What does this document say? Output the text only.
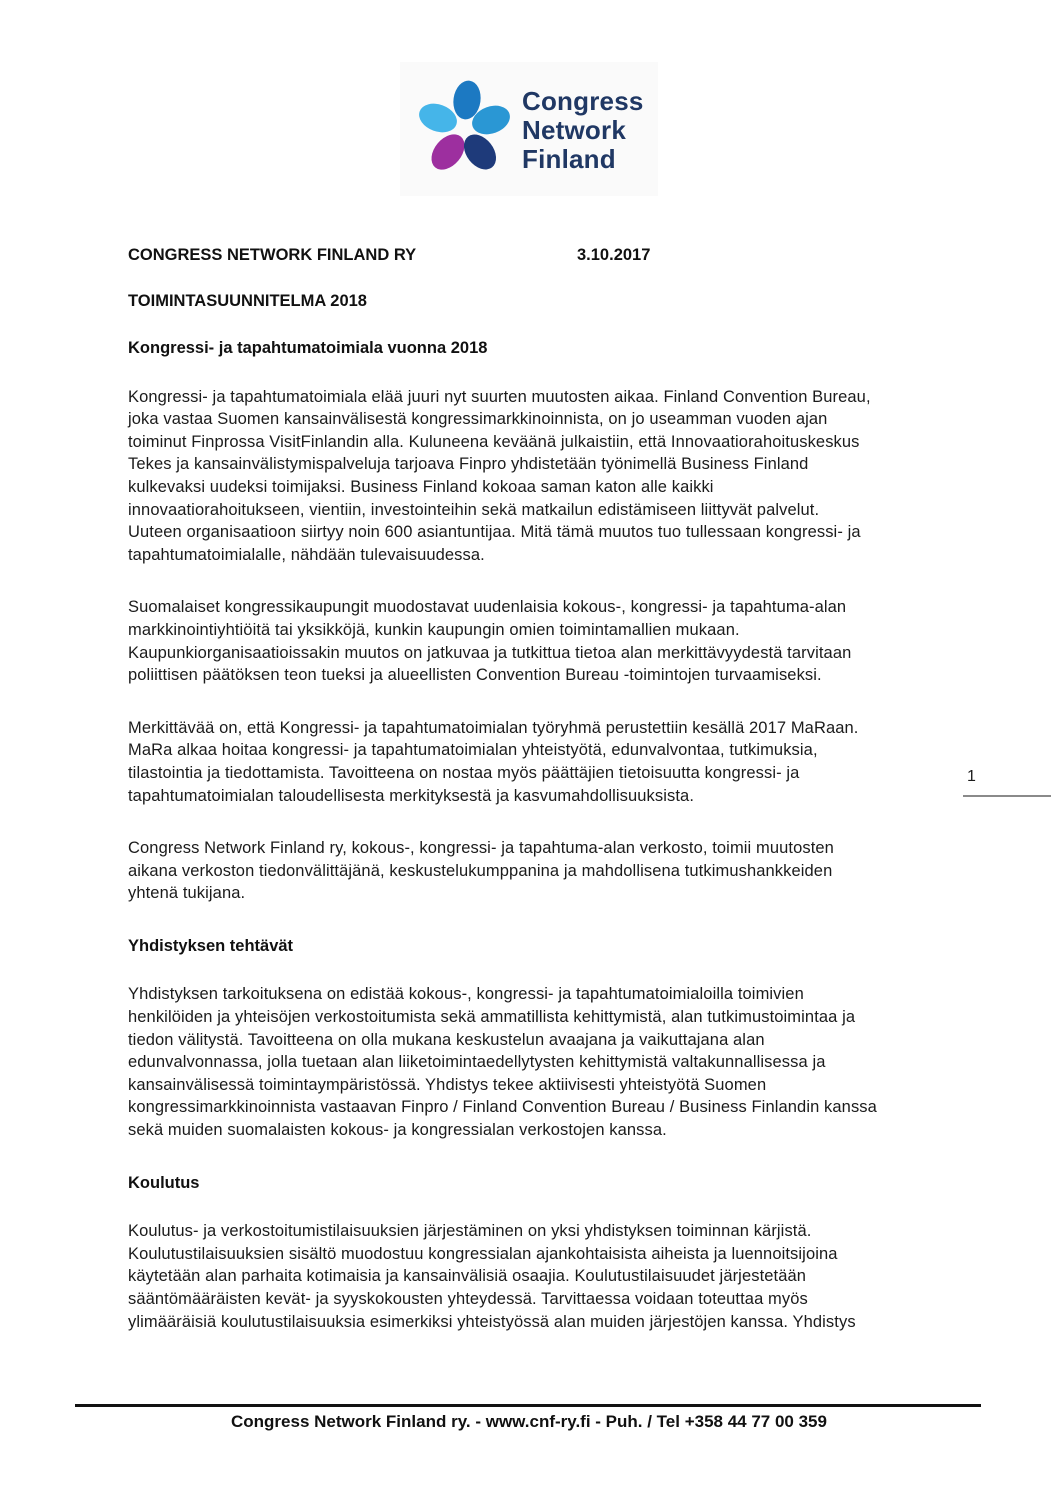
Congress
Network
Finland
CONGRESS NETWORK FINLAND RY	3.10.2017
TOIMINTASUUNNITELMA 2018
Kongressi- ja tapahtumatoimiala vuonna 2018

Kongressi- ja tapahtumatoimiala elää juuri nyt suurten muutosten aikaa. Finland Convention Bureau,
joka vastaa Suomen kansainvälisestä kongressimarkkinoinnista, on jo useamman vuoden ajan
toiminut Finprossa VisitFinlandin alla. Kuluneena keväänä julkaistiin, että Innovaatiorahoituskeskus
Tekes ja kansainvälistymispalveluja tarjoava Finpro yhdistetään työnimellä Business Finland
kulkevaksi uudeksi toimijaksi. Business Finland kokoaa saman katon alle kaikki
innovaatiorahoitukseen, vientiin, investointeihin sekä matkailun edistämiseen liittyvät palvelut.
Uuteen organisaatioon siirtyy noin 600 asiantuntijaa. Mitä tämä muutos tuo tullessaan kongressi- ja
tapahtumatoimialalle, nähdään tulevaisuudessa.

Suomalaiset kongressikaupungit muodostavat uudenlaisia kokous-, kongressi- ja tapahtuma-alan
markkinointiyhtiöitä tai yksikköjä, kunkin kaupungin omien toimintamallien mukaan.
Kaupunkiorganisaatioissakin muutos on jatkuvaa ja tutkittua tietoa alan merkittävyydestä tarvitaan
poliittisen päätöksen teon tueksi ja alueellisten Convention Bureau -toimintojen turvaamiseksi.

Merkittävää on, että Kongressi- ja tapahtumatoimialan työryhmä perustettiin kesällä 2017 MaRaan.
MaRa alkaa hoitaa kongressi- ja tapahtumatoimialan yhteistyötä, edunvalvontaa, tutkimuksia,
tilastointia ja tiedottamista. Tavoitteena on nostaa myös päättäjien tietoisuutta kongressi- ja
tapahtumatoimialan taloudellisesta merkityksestä ja kasvumahdollisuuksista.

Congress Network Finland ry, kokous-, kongressi- ja tapahtuma-alan verkosto, toimii muutosten
aikana verkoston tiedonvälittäjänä, keskustelukumppanina ja mahdollisena tutkimushankkeiden
yhtenä tukijana.

Yhdistyksen tehtävät

Yhdistyksen tarkoituksena on edistää kokous-, kongressi- ja tapahtumatoimialoilla toimivien
henkilöiden ja yhteisöjen verkostoitumista sekä ammatillista kehittymistä, alan tutkimustoimintaa ja
tiedon välitystä. Tavoitteena on olla mukana keskustelun avaajana ja vaikuttajana alan
edunvalvonnassa, jolla tuetaan alan liiketoimintaedellytysten kehittymistä valtakunnallisessa ja
kansainvälisessä toimintaympäristössä. Yhdistys tekee aktiivisesti yhteistyötä Suomen
kongressimarkkinoinnista vastaavan Finpro / Finland Convention Bureau / Business Finlandin kanssa
sekä muiden suomalaisten kokous- ja kongressialan verkostojen kanssa.

Koulutus

Koulutus- ja verkostoitumistilaisuuksien järjestäminen on yksi yhdistyksen toiminnan kärjistä.
Koulutustilaisuuksien sisältö muodostuu kongressialan ajankohtaisista aiheista ja luennoitsijoina
käytetään alan parhaita kotimaisia ja kansainvälisiä osaajia. Koulutustilaisuudet järjestetään
sääntömääräisten kevät- ja syyskokousten yhteydessä. Tarvittaessa voidaan toteuttaa myös
ylimääräisiä koulutustilaisuuksia esimerkiksi yhteistyössä alan muiden järjestöjen kanssa. Yhdistys

1
Congress Network Finland ry. - www.cnf-ry.fi - Puh. / Tel +358 44 77 00 359
